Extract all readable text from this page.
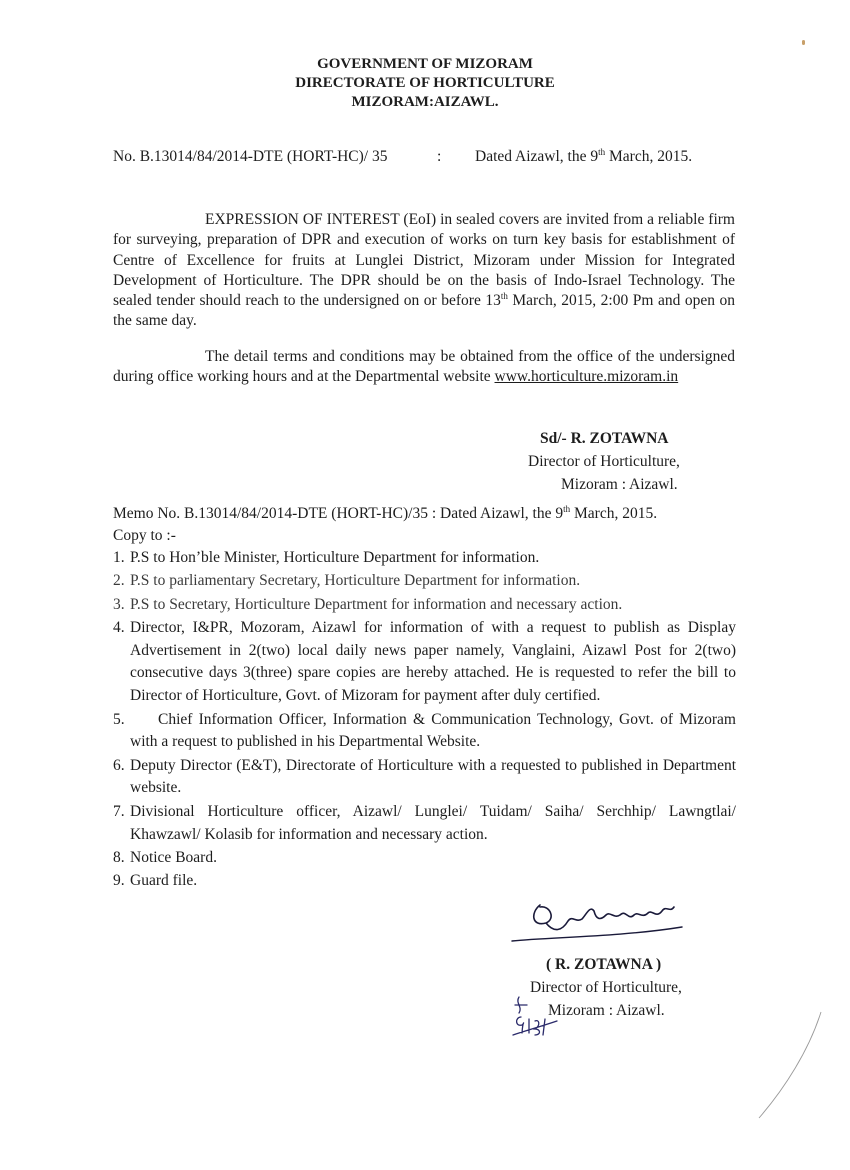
GOVERNMENT OF MIZORAM
DIRECTORATE OF HORTICULTURE
MIZORAM:AIZAWL.
No. B.13014/84/2014-DTE (HORT-HC)/ 35	: Dated Aizawl, the 9th March, 2015.
EXPRESSION OF INTEREST (EoI) in sealed covers are invited from a reliable firm for surveying, preparation of DPR and execution of works on turn key basis for establishment of Centre of Excellence for fruits at Lunglei District, Mizoram under Mission for Integrated Development of Horticulture. The DPR should be on the basis of Indo-Israel Technology. The sealed tender should reach to the undersigned on or before 13th March, 2015, 2:00 Pm and open on the same day.
The detail terms and conditions may be obtained from the office of the undersigned during office working hours and at the Departmental website www.horticulture.mizoram.in
Sd/- R. ZOTAWNA
Director of Horticulture,
Mizoram : Aizawl.
Memo No. B.13014/84/2014-DTE (HORT-HC)/35 : Dated Aizawl, the 9th March, 2015.
Copy to :-
1. P.S to Hon’ble Minister, Horticulture Department for information.
2. P.S to parliamentary Secretary, Horticulture Department for information.
3. P.S to Secretary, Horticulture Department for information and necessary action.
4. Director, I&PR, Mozoram, Aizawl for information of with a request to publish as Display Advertisement in 2(two) local daily news paper namely, Vanglaini, Aizawl Post for 2(two) consecutive days 3(three) spare copies are hereby attached. He is requested to refer the bill to Director of Horticulture, Govt. of Mizoram for payment after duly certified.
5.	Chief Information Officer, Information & Communication Technology, Govt. of Mizoram with a request to published in his Departmental Website.
6. Deputy Director (E&T), Directorate of Horticulture with a requested to published in Department website.
7. Divisional Horticulture officer, Aizawl/ Lunglei/ Tuidam/ Saiha/ Serchhip/ Lawngtlai/ Khawzawl/ Kolasib for information and necessary action.
8. Notice Board.
9. Guard file.
( R. ZOTAWNA )
Director of Horticulture,
Mizoram : Aizawl.
